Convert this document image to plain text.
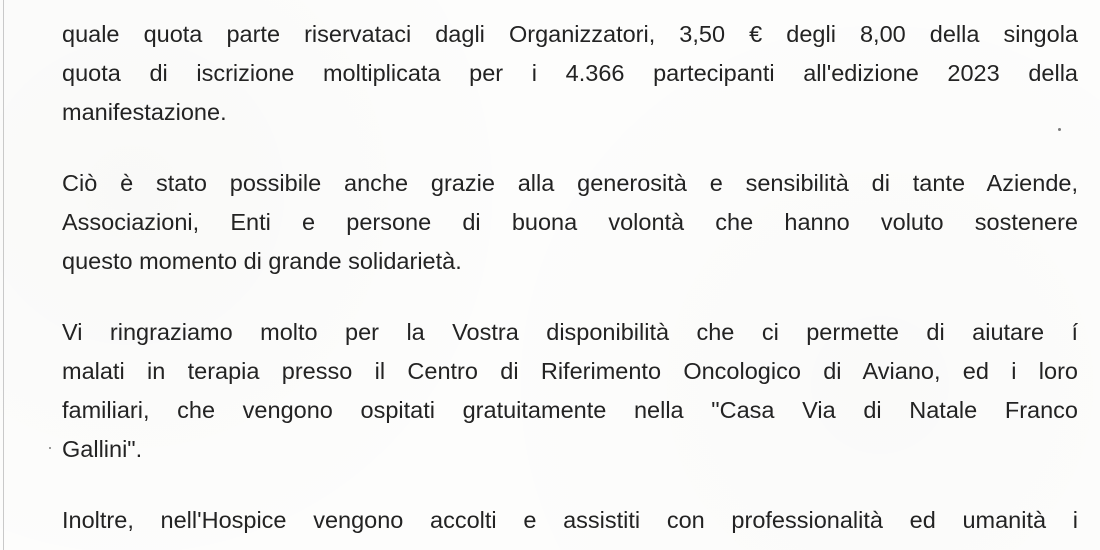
quale quota parte riservataci dagli Organizzatori, 3,50 € degli 8,00 della singola
quota di iscrizione moltiplicata per i 4.366 partecipanti all'edizione 2023 della
manifestazione.

Ciò è stato possibile anche grazie alla generosità e sensibilità di tante Aziende,
Associazioni, Enti e persone di buona volontà che hanno voluto sostenere
questo momento di grande solidarietà.

Vi ringraziamo molto per la Vostra disponibilità che ci permette di aiutare í
malati in terapia presso il Centro di Riferimento Oncologico di Aviano, ed i loro
familiari, che vengono ospitati gratuitamente nella "Casa Via di Natale Franco
Gallini".

Inoltre, nell'Hospice vengono accolti e assistiti con professionalità ed umanità i
